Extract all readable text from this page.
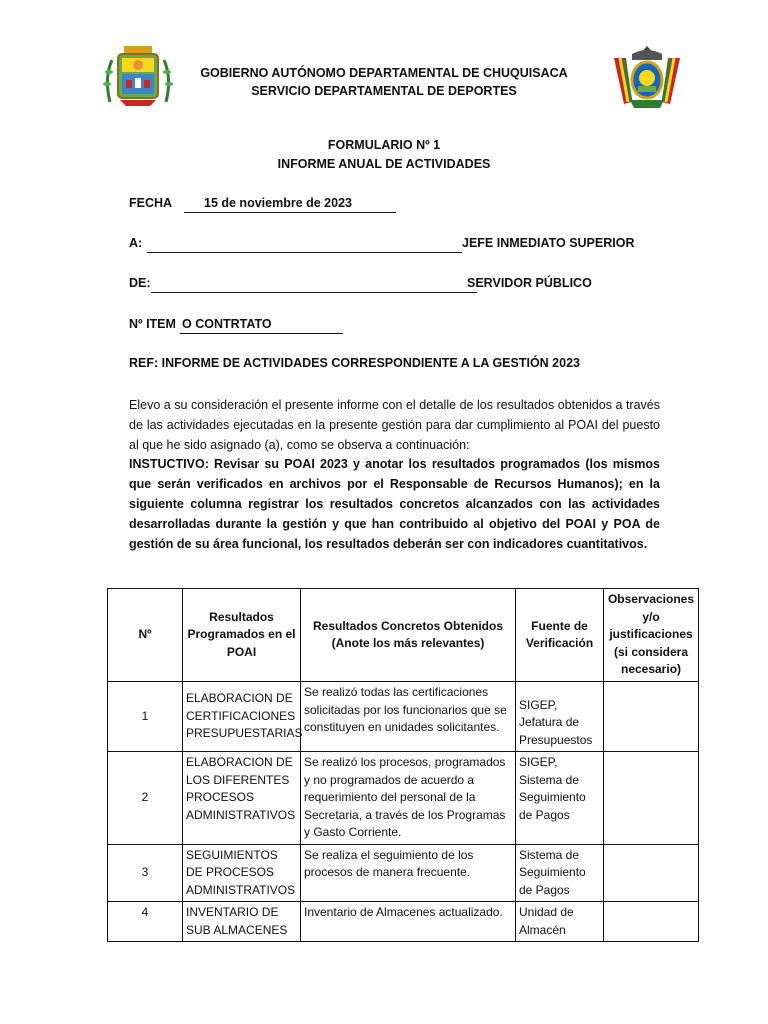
GOBIERNO AUTÓNOMO DEPARTAMENTAL DE CHUQUISACA
SERVICIO DEPARTAMENTAL DE DEPORTES
FORMULARIO Nº 1
INFORME ANUAL DE ACTIVIDADES
FECHA	15 de noviembre de 2023
A:	JEFE INMEDIATO SUPERIOR
DE:	SERVIDOR PÚBLICO
Nº ITEM O CONTRTATO
REF: INFORME DE ACTIVIDADES CORRESPONDIENTE A LA GESTIÓN 2023
Elevo a su consideración el presente informe con el detalle de los resultados obtenidos a través de las actividades ejecutadas en la presente gestión para dar cumplimiento al POAI del puesto al que he sido asignado (a), como se observa a continuación:
INSTUCTIVO: Revisar su POAI 2023 y anotar los resultados programados (los mismos que serán verificados en archivos por el Responsable de Recursos Humanos); en la siguiente columna registrar los resultados concretos alcanzados con las actividades desarrolladas durante la gestión y que han contribuido al objetivo del POAI y POA de gestión de su área funcional, los resultados deberán ser con indicadores cuantitativos.
Nº	Resultados Programados en el POAI	Resultados Concretos Obtenidos (Anote los más relevantes)	Fuente de Verificación	Observaciones y/o justificaciones (si considera necesario)
1	ELABORACION DE CERTIFICACIONES PRESUPUESTARIAS	Se realizó todas las certificaciones solicitadas por los funcionarios que se constituyen en unidades solicitantes.	SIGEP, Jefatura de Presupuestos	
2	ELABORACION DE LOS DIFERENTES PROCESOS ADMINISTRATIVOS	Se realizó los procesos, programados y no programados de acuerdo a requerimiento del personal de la Secretaria, a través de los Programas y Gasto Corriente.	SIGEP, Sistema de Seguimiento de Pagos	
3	SEGUIMIENTOS DE PROCESOS ADMINISTRATIVOS	Se realiza el seguimiento de los procesos de manera frecuente.	Sistema de Seguimiento de Pagos	
4	INVENTARIO DE SUB ALMACENES	Inventario de Almacenes actualizado.	Unidad de Almacén	
